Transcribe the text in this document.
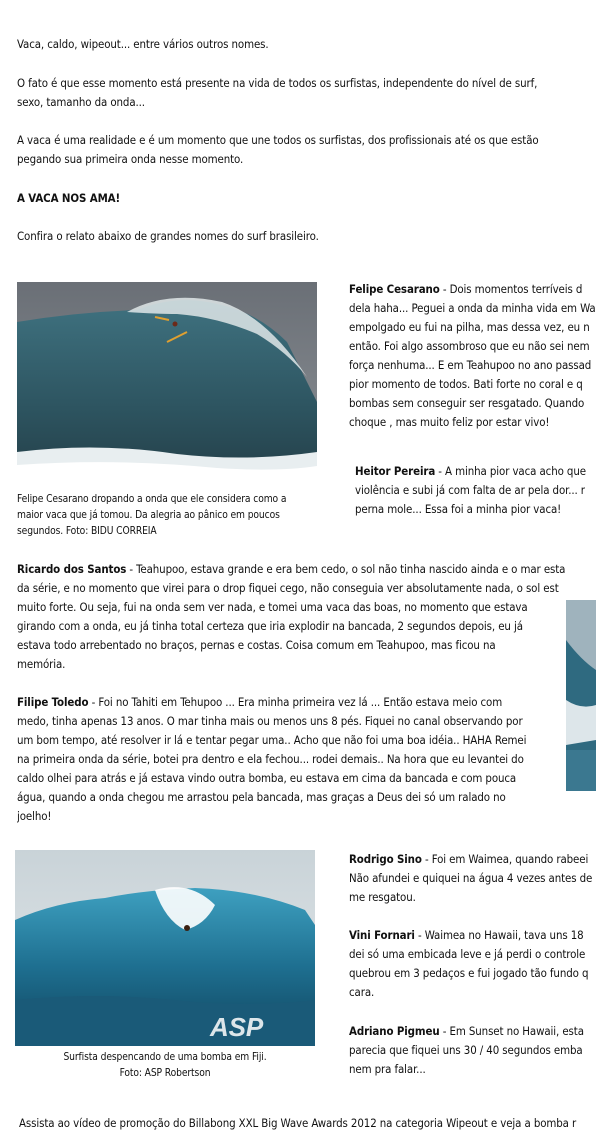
Vaca, caldo, wipeout... entre vários outros nomes.
O fato é que esse momento está presente na vida de todos os surfistas, independente do nível de surf,
sexo, tamanho da onda...
A vaca é uma realidade e é um momento que une todos os surfistas, dos profissionais até os que estão
pegando sua primeira onda nesse momento.
A VACA NOS AMA!
Confira o relato abaixo de grandes nomes do surf brasileiro.
Felipe Cesarano dropando a onda que ele considera como a
maior vaca que já tomou. Da alegria ao pânico em poucos
segundos. Foto: BIDU CORREIA
Felipe Cesarano - Dois momentos terríveis d
dela haha... Peguei a onda da minha vida em Wa
empolgado eu fui na pilha, mas dessa vez, eu n
então. Foi algo assombroso que eu não sei nem
força nenhuma... E em Teahupoo no ano passad
pior momento de todos. Bati forte no coral e q
bombas sem conseguir ser resgatado. Quando
choque , mas muito feliz por estar vivo!
Heitor Pereira - A minha pior vaca acho que
violência e subi já com falta de ar pela dor... r
perna mole... Essa foi a minha pior vaca!
Ricardo dos Santos - Teahupoo, estava grande e era bem cedo, o sol não tinha nascido ainda e o mar esta
da série, e no momento que virei para o drop fiquei cego, não conseguia ver absolutamente nada, o sol est
muito forte. Ou seja, fui na onda sem ver nada, e tomei uma vaca das boas, no momento que estava
girando com a onda, eu já tinha total certeza que iria explodir na bancada, 2 segundos depois, eu já
estava todo arrebentado no braços, pernas e costas. Coisa comum em Teahupoo, mas ficou na
memória.
Filipe Toledo - Foi no Tahiti em Tehupoo ... Era minha primeira vez lá ... Então estava meio com
medo, tinha apenas 13 anos. O mar tinha mais ou menos uns 8 pés. Fiquei no canal observando por
um bom tempo, até resolver ir lá e tentar pegar uma.. Acho que não foi uma boa idéia.. HAHA Remei
na primeira onda da série, botei pra dentro e ela fechou... rodei demais.. Na hora que eu levantei do
caldo olhei para atrás e já estava vindo outra bomba, eu estava em cima da bancada e com pouca
água, quando a onda chegou me arrastou pela bancada, mas graças a Deus dei só um ralado no
joelho!
ASP
Surfista despencando de uma bomba em Fiji.
Foto: ASP Robertson
Rodrigo Sino - Foi em Waimea, quando rabeei
Não afundei e quiquei na água 4 vezes antes de
me resgatou.
Vini Fornari - Waimea no Hawaii, tava uns 18
dei só uma embicada leve e já perdi o controle
quebrou em 3 pedaços e fui jogado tão fundo q
cara.
Adriano Pigmeu - Em Sunset no Hawaii, esta
parecia que fiquei uns 30 / 40 segundos emba
nem pra falar...
Assista ao vídeo de promoção do Billabong XXL Big Wave Awards 2012 na categoria Wipeout e veja a bomba r
